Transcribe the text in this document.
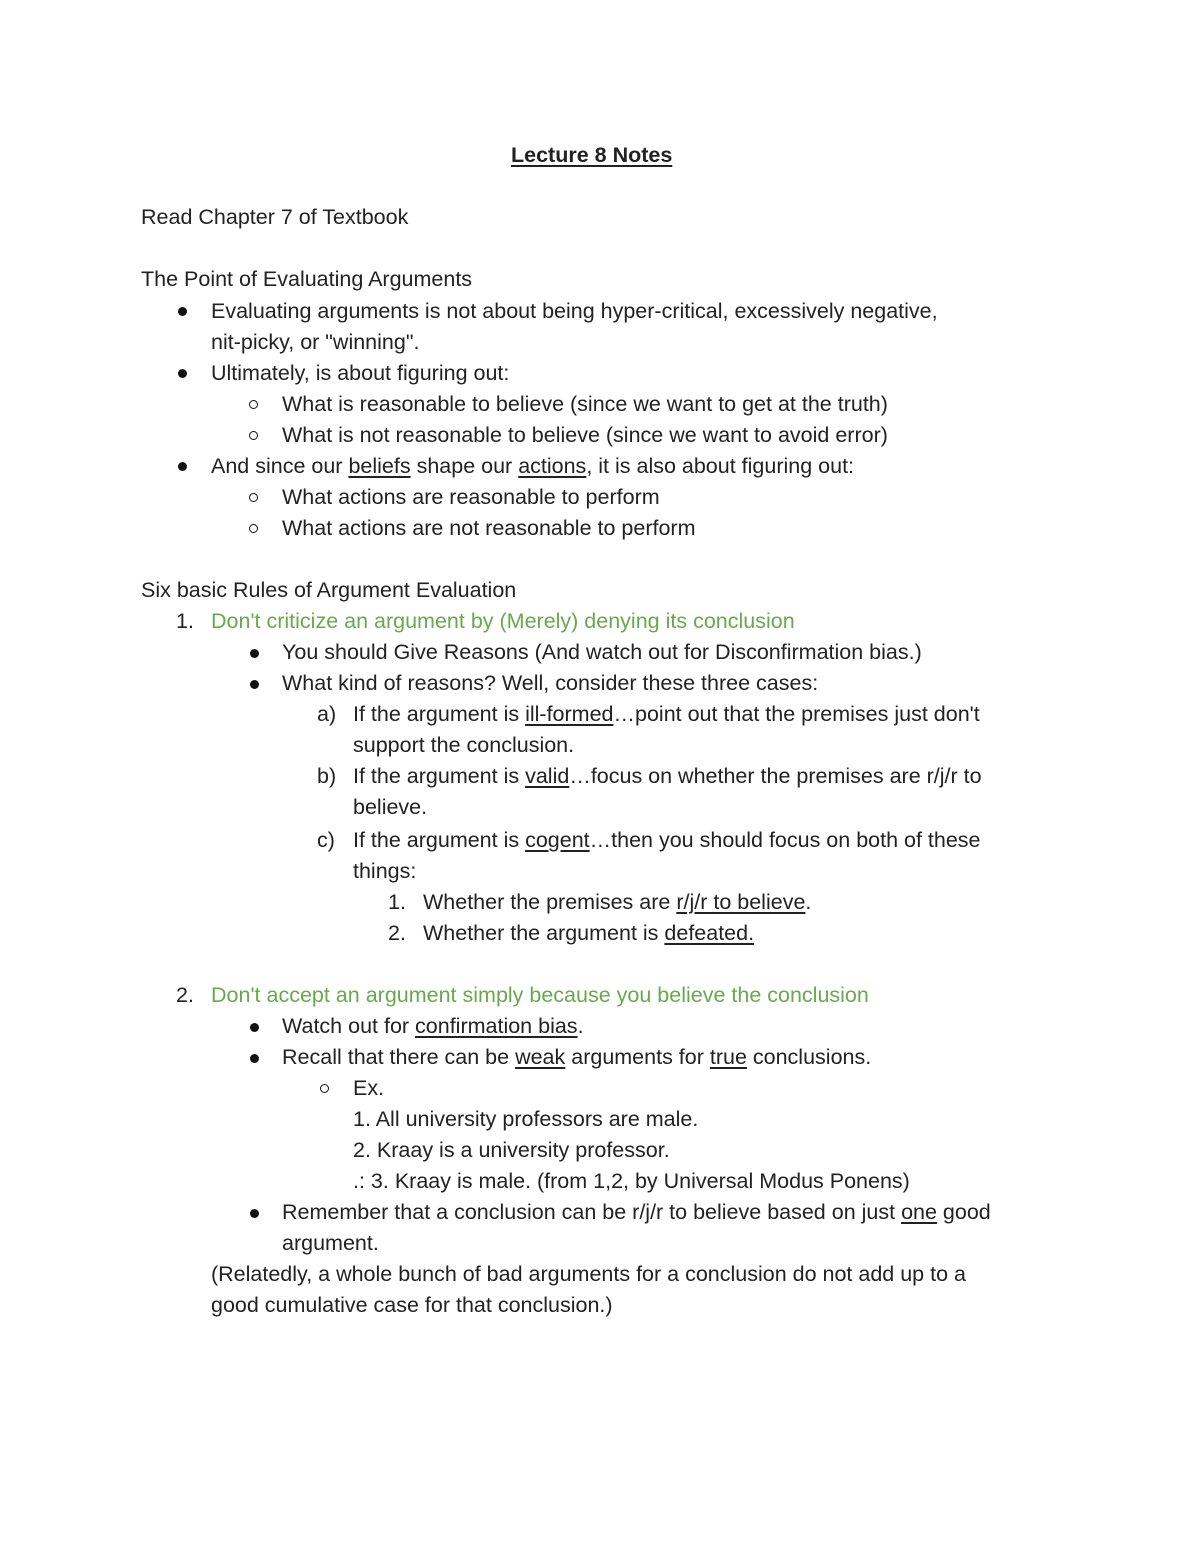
Lecture 8 Notes

Read Chapter 7 of Textbook

The Point of Evaluating Arguments

Evaluating arguments is not about being hyper-critical, excessively negative,

nit-picky, or "winning".

Ultimately, is about figuring out:

What is reasonable to believe (since we want to get at the truth)

What is not reasonable to believe (since we want to avoid error)

And since our beliefs shape our actions, it is also about figuring out:

What actions are reasonable to perform

What actions are not reasonable to perform

Six basic Rules of Argument Evaluation

1. Don't criticize an argument by (Merely) denying its conclusion

You should Give Reasons (And watch out for Disconfirmation bias.)

What kind of reasons? Well, consider these three cases:

a) If the argument is ill-formed…point out that the premises just don't

support the conclusion.

b) If the argument is valid…focus on whether the premises are r/j/r to

believe.

c) If the argument is cogent…then you should focus on both of these

things:

1. Whether the premises are r/j/r to believe.

2. Whether the argument is defeated.

2. Don't accept an argument simply because you believe the conclusion

Watch out for confirmation bias.

Recall that there can be weak arguments for true conclusions.

Ex.

1. All university professors are male.

2. Kraay is a university professor.

.: 3. Kraay is male. (from 1,2, by Universal Modus Ponens)

Remember that a conclusion can be r/j/r to believe based on just one good

argument.

(Relatedly, a whole bunch of bad arguments for a conclusion do not add up to a

good cumulative case for that conclusion.)
